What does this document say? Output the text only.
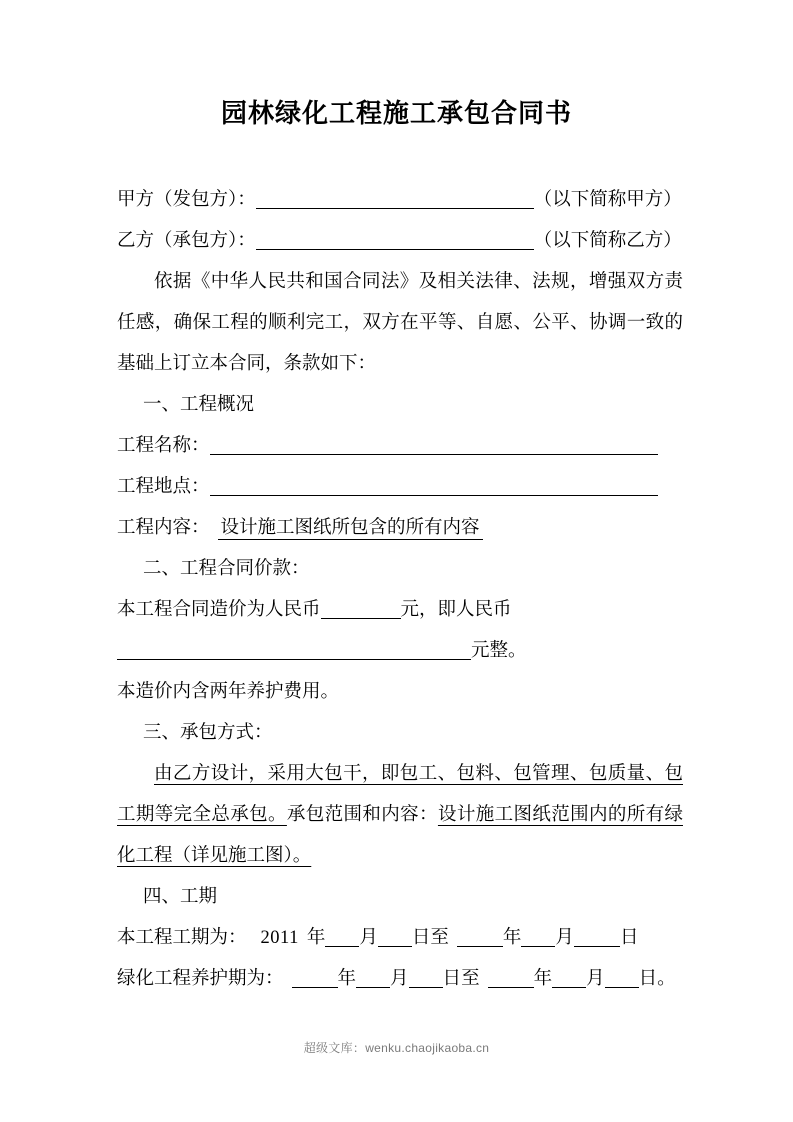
园林绿化工程施工承包合同书
甲方（发包方）：	（以下简称甲方）
乙方（承包方）：	（以下简称乙方）
依据《中华人民共和国合同法》及相关法律、法规，增强双方责任感，确保工程的顺利完工，双方在平等、自愿、公平、协调一致的基础上订立本合同，条款如下：
一、工程概况
工程名称：
工程地点：
工程内容： 设计施工图纸所包含的所有内容
二、工程合同价款：
本工程合同造价为人民币	元，即人民币
元整。
本造价内含两年养护费用。
三、承包方式：
由乙方设计，采用大包干，即包工、包料、包管理、包质量、包工期等完全总承包。承包范围和内容：设计施工图纸范围内的所有绿化工程（详见施工图）。
四、工期
本工程工期为： 2011 年 月 日至	年 月 日
绿化工程养护期为：	年 月 日至	年 月 日。
超级文库：wenku.chaojikaoba.cn
